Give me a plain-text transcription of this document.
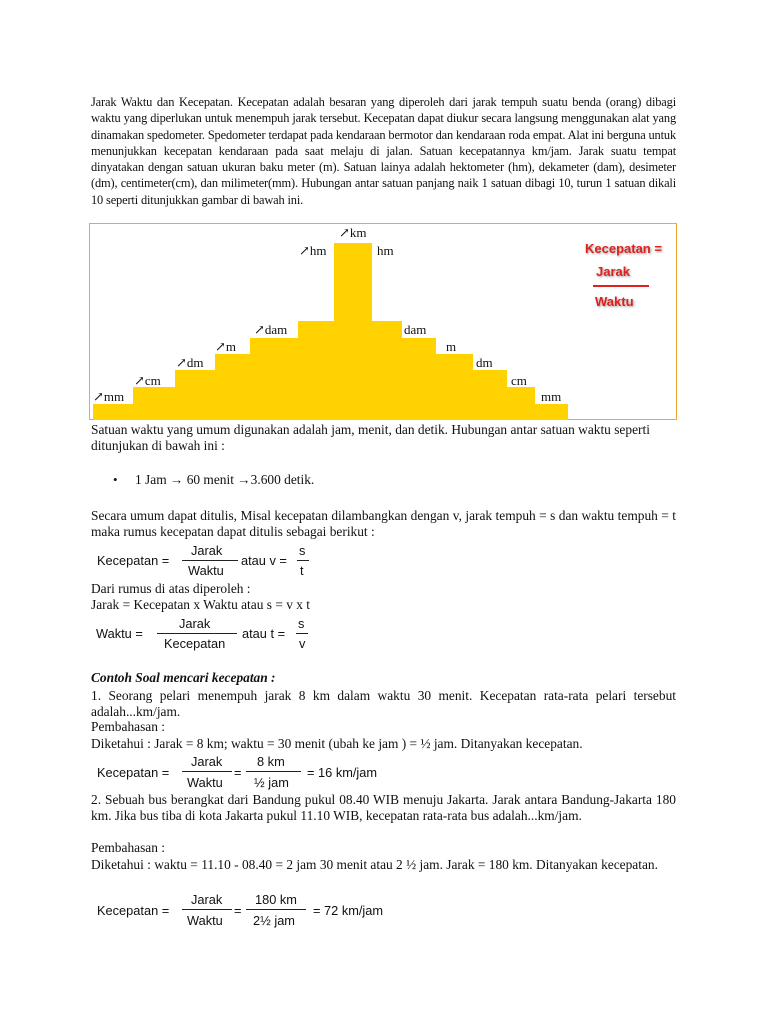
Jarak Waktu dan Kecepatan. Kecepatan adalah besaran yang diperoleh dari jarak tempuh suatu benda (orang) dibagi waktu yang diperlukan untuk menempuh jarak tersebut. Kecepatan dapat diukur secara langsung menggunakan alat yang dinamakan spedometer. Spedometer terdapat pada kendaraan bermotor dan kendaraan roda empat. Alat ini berguna untuk menunjukkan kecepatan kendaraan pada saat melaju di jalan. Satuan kecepatannya km/jam. Jarak suatu tempat dinyatakan dengan satuan ukuran baku meter (m). Satuan lainya adalah hektometer (hm), dekameter (dam), desimeter (dm), centimeter(cm), dan milimeter(mm). Hubungan antar satuan panjang naik 1 satuan dibagi 10, turun 1 satuan dikali 10 seperti ditunjukkan gambar di bawah ini.
↗km
↗hm
↗dam
↗m
↗dm
↗cm
↗mm
hm
dam
m
dm
cm
mm
Kecepatan =
Jarak
Waktu
Satuan waktu yang umum digunakan adalah jam, menit, dan detik. Hubungan antar satuan waktu seperti ditunjukan di bawah ini :
• 1 Jam → 60 menit →3.600 detik.
Secara umum dapat ditulis, Misal kecepatan dilambangkan dengan v, jarak tempuh = s dan waktu tempuh = t maka rumus kecepatan dapat ditulis sebagai berikut :
Kecepatan =
Jarak
Waktu
atau v =
s
t
Dari rumus di atas diperoleh :
Jarak = Kecepatan x Waktu atau s = v x t
Waktu =
Jarak
Kecepatan
atau t =
s
v
Contoh Soal mencari kecepatan :
1. Seorang pelari menempuh jarak 8 km dalam waktu 30 menit. Kecepatan rata-rata pelari tersebut adalah...km/jam.
Pembahasan :
Diketahui : Jarak = 8 km; waktu = 30 menit (ubah ke jam ) = ½ jam. Ditanyakan kecepatan.
Kecepatan =
Jarak
Waktu
=
8 km
½ jam
= 16 km/jam
2. Sebuah bus berangkat dari Bandung pukul 08.40 WIB menuju Jakarta. Jarak antara Bandung-Jakarta 180 km. Jika bus tiba di kota Jakarta pukul 11.10 WIB, kecepatan rata-rata bus adalah...km/jam.
Pembahasan :
Diketahui : waktu = 11.10 - 08.40 = 2 jam 30 menit atau 2 ½ jam. Jarak = 180 km. Ditanyakan kecepatan.
Kecepatan =
Jarak
Waktu
=
180 km
2½ jam
= 72 km/jam
